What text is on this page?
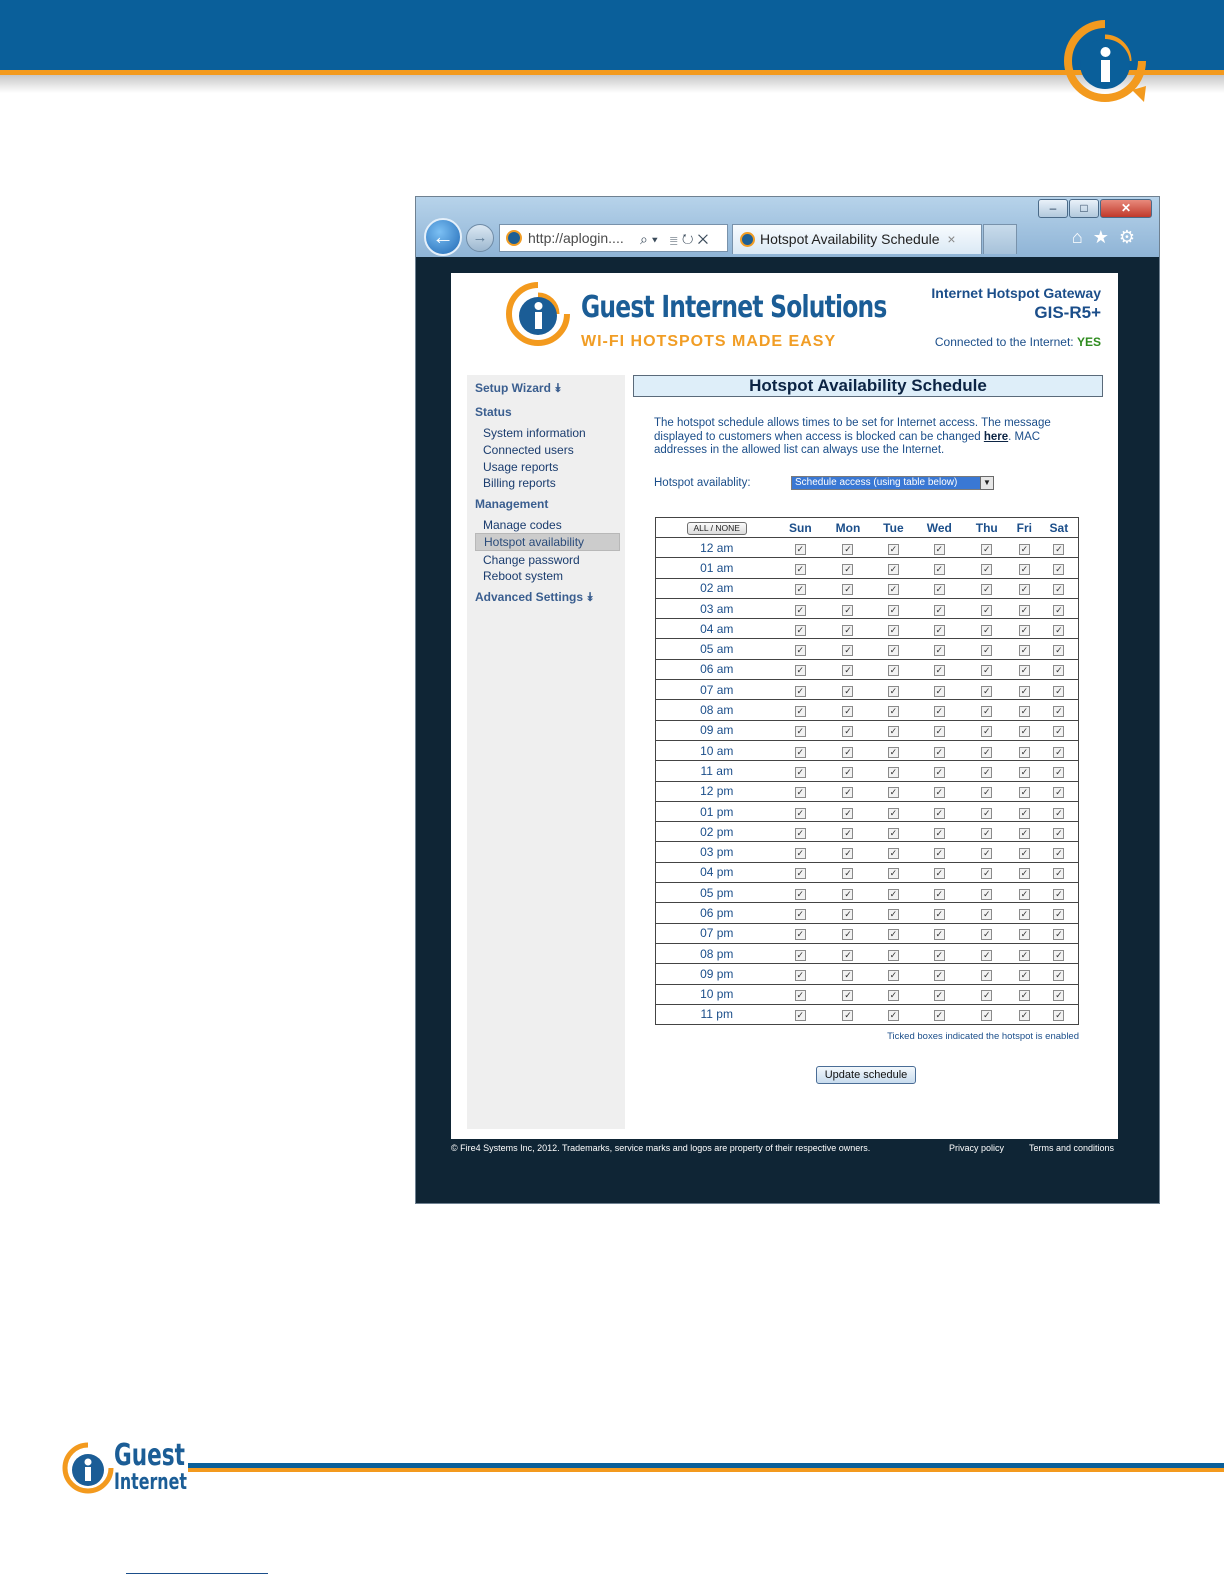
–	□	✕
←	→	http://aplogin....	⌕▾ ≣↻✕	Hotspot Availability Schedule ×	⌂★⚙
Guest Internet Solutions
WI-FI HOTSPOTS MADE EASY
Internet Hotspot Gateway
GIS-R5+
Connected to the Internet: YES
Setup Wizard ⯯
Status
System information
Connected users
Usage reports
Billing reports
Management
Manage codes
Hotspot availability
Change password
Reboot system
Advanced Settings ⯯
Hotspot Availability Schedule
The hotspot schedule allows times to be set for Internet access. The message displayed to customers when access is blocked can be changed here. MAC addresses in the allowed list can always use the Internet.
Hotspot availablity:	Schedule access (using table below)	▼
ALL / NONE	Sun	Mon	Tue	Wed	Thu	Fri	Sat
12 am	✓	✓	✓	✓	✓	✓	✓
01 am	✓	✓	✓	✓	✓	✓	✓
02 am	✓	✓	✓	✓	✓	✓	✓
03 am	✓	✓	✓	✓	✓	✓	✓
04 am	✓	✓	✓	✓	✓	✓	✓
05 am	✓	✓	✓	✓	✓	✓	✓
06 am	✓	✓	✓	✓	✓	✓	✓
07 am	✓	✓	✓	✓	✓	✓	✓
08 am	✓	✓	✓	✓	✓	✓	✓
09 am	✓	✓	✓	✓	✓	✓	✓
10 am	✓	✓	✓	✓	✓	✓	✓
11 am	✓	✓	✓	✓	✓	✓	✓
12 pm	✓	✓	✓	✓	✓	✓	✓
01 pm	✓	✓	✓	✓	✓	✓	✓
02 pm	✓	✓	✓	✓	✓	✓	✓
03 pm	✓	✓	✓	✓	✓	✓	✓
04 pm	✓	✓	✓	✓	✓	✓	✓
05 pm	✓	✓	✓	✓	✓	✓	✓
06 pm	✓	✓	✓	✓	✓	✓	✓
07 pm	✓	✓	✓	✓	✓	✓	✓
08 pm	✓	✓	✓	✓	✓	✓	✓
09 pm	✓	✓	✓	✓	✓	✓	✓
10 pm	✓	✓	✓	✓	✓	✓	✓
11 pm	✓	✓	✓	✓	✓	✓	✓
Ticked boxes indicated the hotspot is enabled
Update schedule
© Fire4 Systems Inc, 2012. Trademarks, service marks and logos are property of their respective owners.	Privacy policy	Terms and conditions
Guest
Internet
